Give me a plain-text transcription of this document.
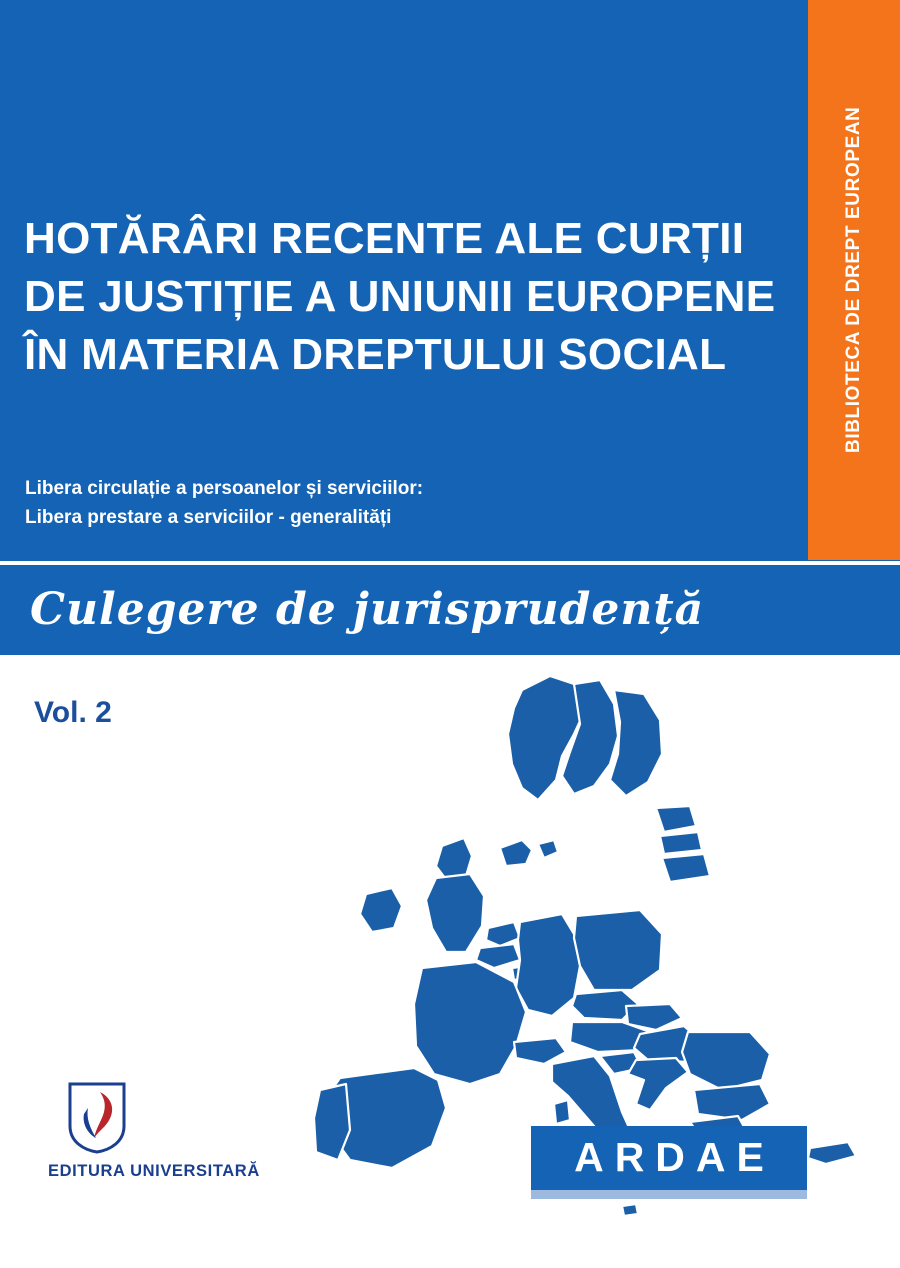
BIBLIOTECA DE DREPT EUROPEAN
HOTĂRÂRI RECENTE ALE CURȚII
DE JUSTIȚIE A UNIUNII EUROPENE
ÎN MATERIA DREPTULUI SOCIAL
Libera circulație a persoanelor și serviciilor:
Libera prestare a serviciilor - generalități
Culegere de jurisprudență
Vol. 2
EDITURA UNIVERSITARĂ	ARDAE
